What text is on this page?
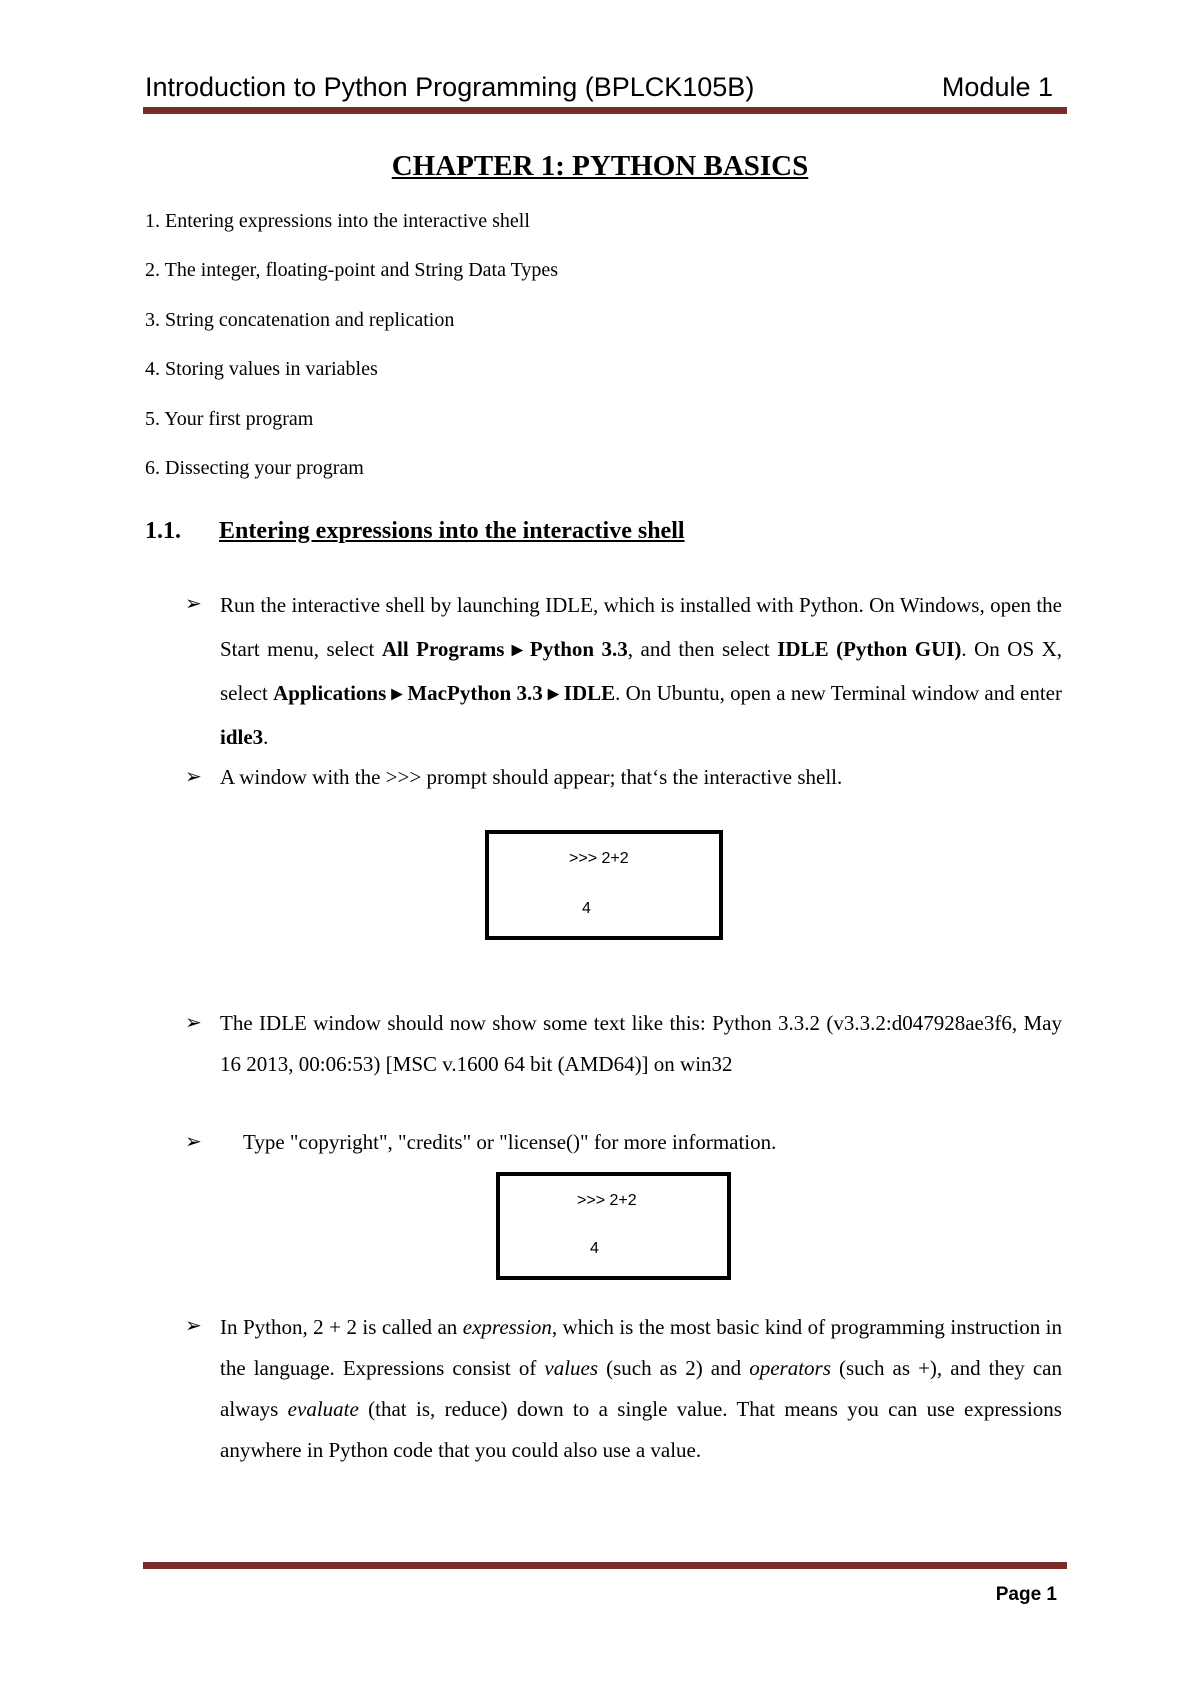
Introduction to Python Programming (BPLCK105B)	Module 1
CHAPTER 1: PYTHON BASICS
1. Entering expressions into the interactive shell
2. The integer, floating-point and String Data Types
3. String concatenation and replication
4. Storing values in variables
5. Your first program
6. Dissecting your program
1.1. Entering expressions into the interactive shell
➢ Run the interactive shell by launching IDLE, which is installed with Python. On Windows, open the Start menu, select All Programs ▸ Python 3.3, and then select IDLE (Python GUI). On OS X, select Applications ▸ MacPython 3.3 ▸ IDLE. On Ubuntu, open a new Terminal window and enter idle3.
➢ A window with the >>> prompt should appear; that‘s the interactive shell.
>>> 2+2
4
➢ The IDLE window should now show some text like this: Python 3.3.2 (v3.3.2:d047928ae3f6, May 16 2013, 00:06:53) [MSC v.1600 64 bit (AMD64)] on win32
➢ Type "copyright", "credits" or "license()" for more information.
>>> 2+2
4
➢ In Python, 2 + 2 is called an expression, which is the most basic kind of programming instruction in the language. Expressions consist of values (such as 2) and operators (such as +), and they can always evaluate (that is, reduce) down to a single value. That means you can use expressions anywhere in Python code that you could also use a value.
Page 1
